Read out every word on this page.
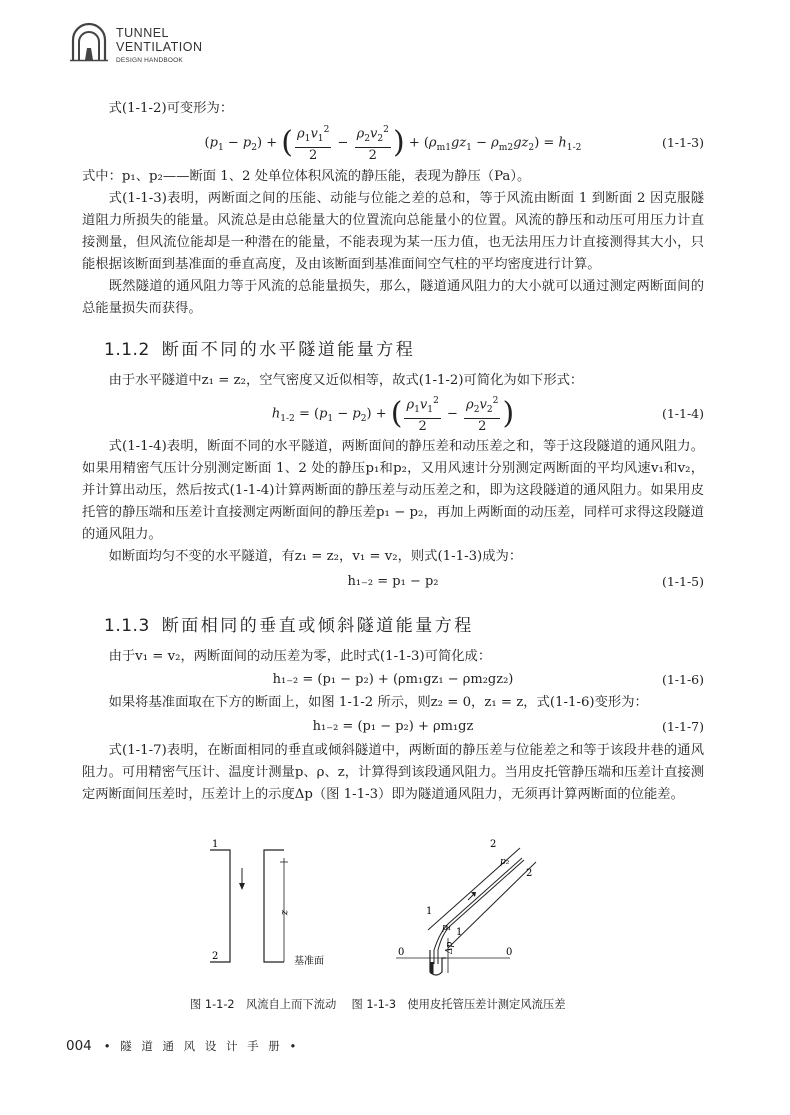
TUNNEL
VENTILATION
DESIGN HANDBOOK

式(1-1-2)可变形为：

$(p_1 - p_2)$ + ( $\frac{\rho_1v_1^2}{2} - \frac{\rho_2v_2^2}{2}$ ) + $(\rho_{m1}gz_1 - \rho_{m2}gz_2) = h_{1-2}$	(1-1-3)

式中：p₁、p₂——断面 1、2 处单位体积风流的静压能，表现为静压（Pa）。

式(1-1-3)表明，两断面之间的压能、动能与位能之差的总和，等于风流由断面 1 到断面 2 因克服隧道阻力所损失的能量。风流总是由总能量大的位置流向总能量小的位置。风流的静压和动压可用压力计直接测量，但风流位能却是一种潜在的能量，不能表现为某一压力值，也无法用压力计直接测得其大小，只能根据该断面到基准面的垂直高度，及由该断面到基准面间空气柱的平均密度进行计算。

既然隧道的通风阻力等于风流的总能量损失，那么，隧道通风阻力的大小就可以通过测定两断面间的总能量损失而获得。

1.1.2 断面不同的水平隧道能量方程

由于水平隧道中z₁ = z₂，空气密度又近似相等，故式(1-1-2)可简化为如下形式：

$h_{1-2} = (p_1 - p_2)$ + ( $\frac{\rho_1v_1^2}{2} - \frac{\rho_2v_2^2}{2}$ )	(1-1-4)

式(1-1-4)表明，断面不同的水平隧道，两断面间的静压差和动压差之和，等于这段隧道的通风阻力。如果用精密气压计分别测定断面 1、2 处的静压p₁和p₂，又用风速计分别测定两断面的平均风速v₁和v₂，并计算出动压，然后按式(1-1-4)计算两断面的静压差与动压差之和，即为这段隧道的通风阻力。如果用皮托管的静压端和压差计直接测定两断面间的静压差p₁ − p₂，再加上两断面的动压差，同样可求得这段隧道的通风阻力。

如断面均匀不变的水平隧道，有z₁ = z₂，v₁ = v₂，则式(1-1-3)成为：

h₁₋₂ = p₁ − p₂	(1-1-5)
1.1.3 断面相同的垂直或倾斜隧道能量方程

由于v₁ = v₂，两断面间的动压差为零，此时式(1-1-3)可简化成：

h₁₋₂ = (p₁ − p₂) + (ρm₁gz₁ − ρm₂gz₂)	(1-1-6)

如果将基准面取在下方的断面上，如图 1-1-2 所示，则z₂ = 0，z₁ = z，式(1-1-6)变形为：

h₁₋₂ = (p₁ − p₂) + ρm₁gz	(1-1-7)

式(1-1-7)表明，在断面相同的垂直或倾斜隧道中，两断面的静压差与位能差之和等于该段井巷的通风阻力。可用精密气压计、温度计测量p、ρ、z，计算得到该段通风阻力。当用皮托管静压端和压差计直接测定两断面间压差时，压差计上的示度Δp（图 1-1-3）即为隧道通风阻力，无须再计算两断面的位能差。

1
2
z
基准面
0	0
Δp
1
1
p₁
2
2
p₂
图 1-1-2　风流自上而下流动 图 1-1-3　使用皮托管压差计测定风流压差
004 • 隧 道 通 风 设 计 手 册 •
